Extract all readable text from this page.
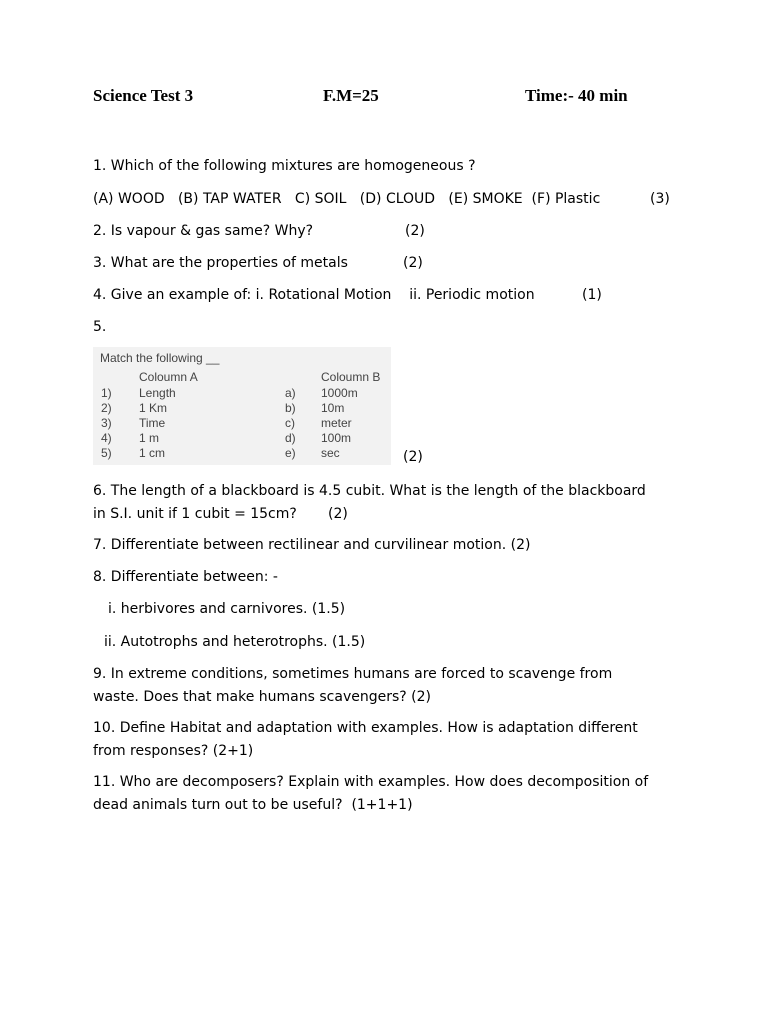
Science Test 3	F.M=25	Time:- 40 min
1. Which of the following mixtures are homogeneous ?
(A) WOOD   (B) TAP WATER   C) SOIL   (D) CLOUD   (E) SMOKE  (F) Plastic	(3)
2. Is vapour & gas same? Why?	(2)
3. What are the properties of metals	(2)
4. Give an example of: i. Rotational Motion    ii. Periodic motion	(1)
5.
Match the following __
Coloumn A	Coloumn B
1) Length	a) 1000m
2) 1 Km	b) 10m
3) Time	c) meter
4) 1 m	d) 100m
5) 1 cm	e) sec	(2)
6. The length of a blackboard is 4.5 cubit. What is the length of the blackboard
in S.I. unit if 1 cubit = 15cm?       (2)
7. Differentiate between rectilinear and curvilinear motion. (2)
8. Differentiate between: -
i. herbivores and carnivores. (1.5)
ii. Autotrophs and heterotrophs. (1.5)
9. In extreme conditions, sometimes humans are forced to scavenge from
waste. Does that make humans scavengers? (2)
10. Define Habitat and adaptation with examples. How is adaptation different
from responses? (2+1)
11. Who are decomposers? Explain with examples. How does decomposition of
dead animals turn out to be useful?  (1+1+1)
